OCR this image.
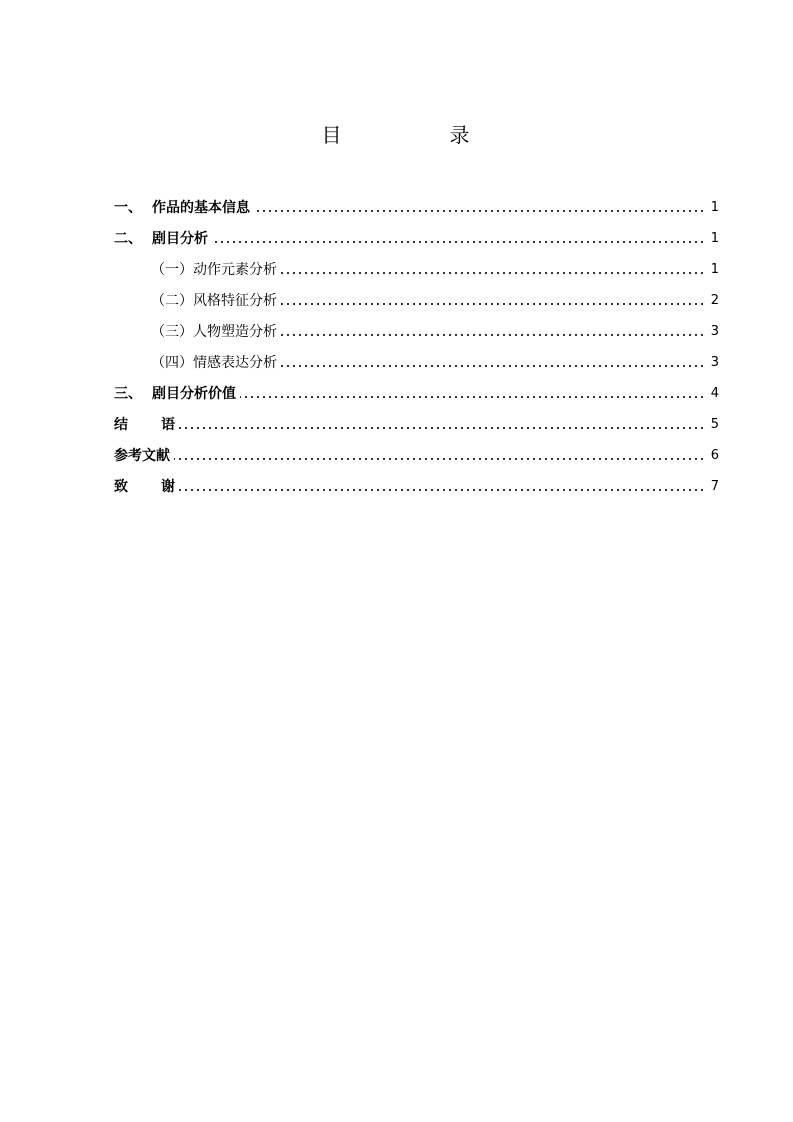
目　录
一、 作品的基本信息	1
二、 剧目分析	1
（一）动作元素分析	1
（二）风格特征分析	2
（三）人物塑造分析	3
（四）情感表达分析	3
三、 剧目分析价值	4
结语	5
参考文献	6
致谢	7
